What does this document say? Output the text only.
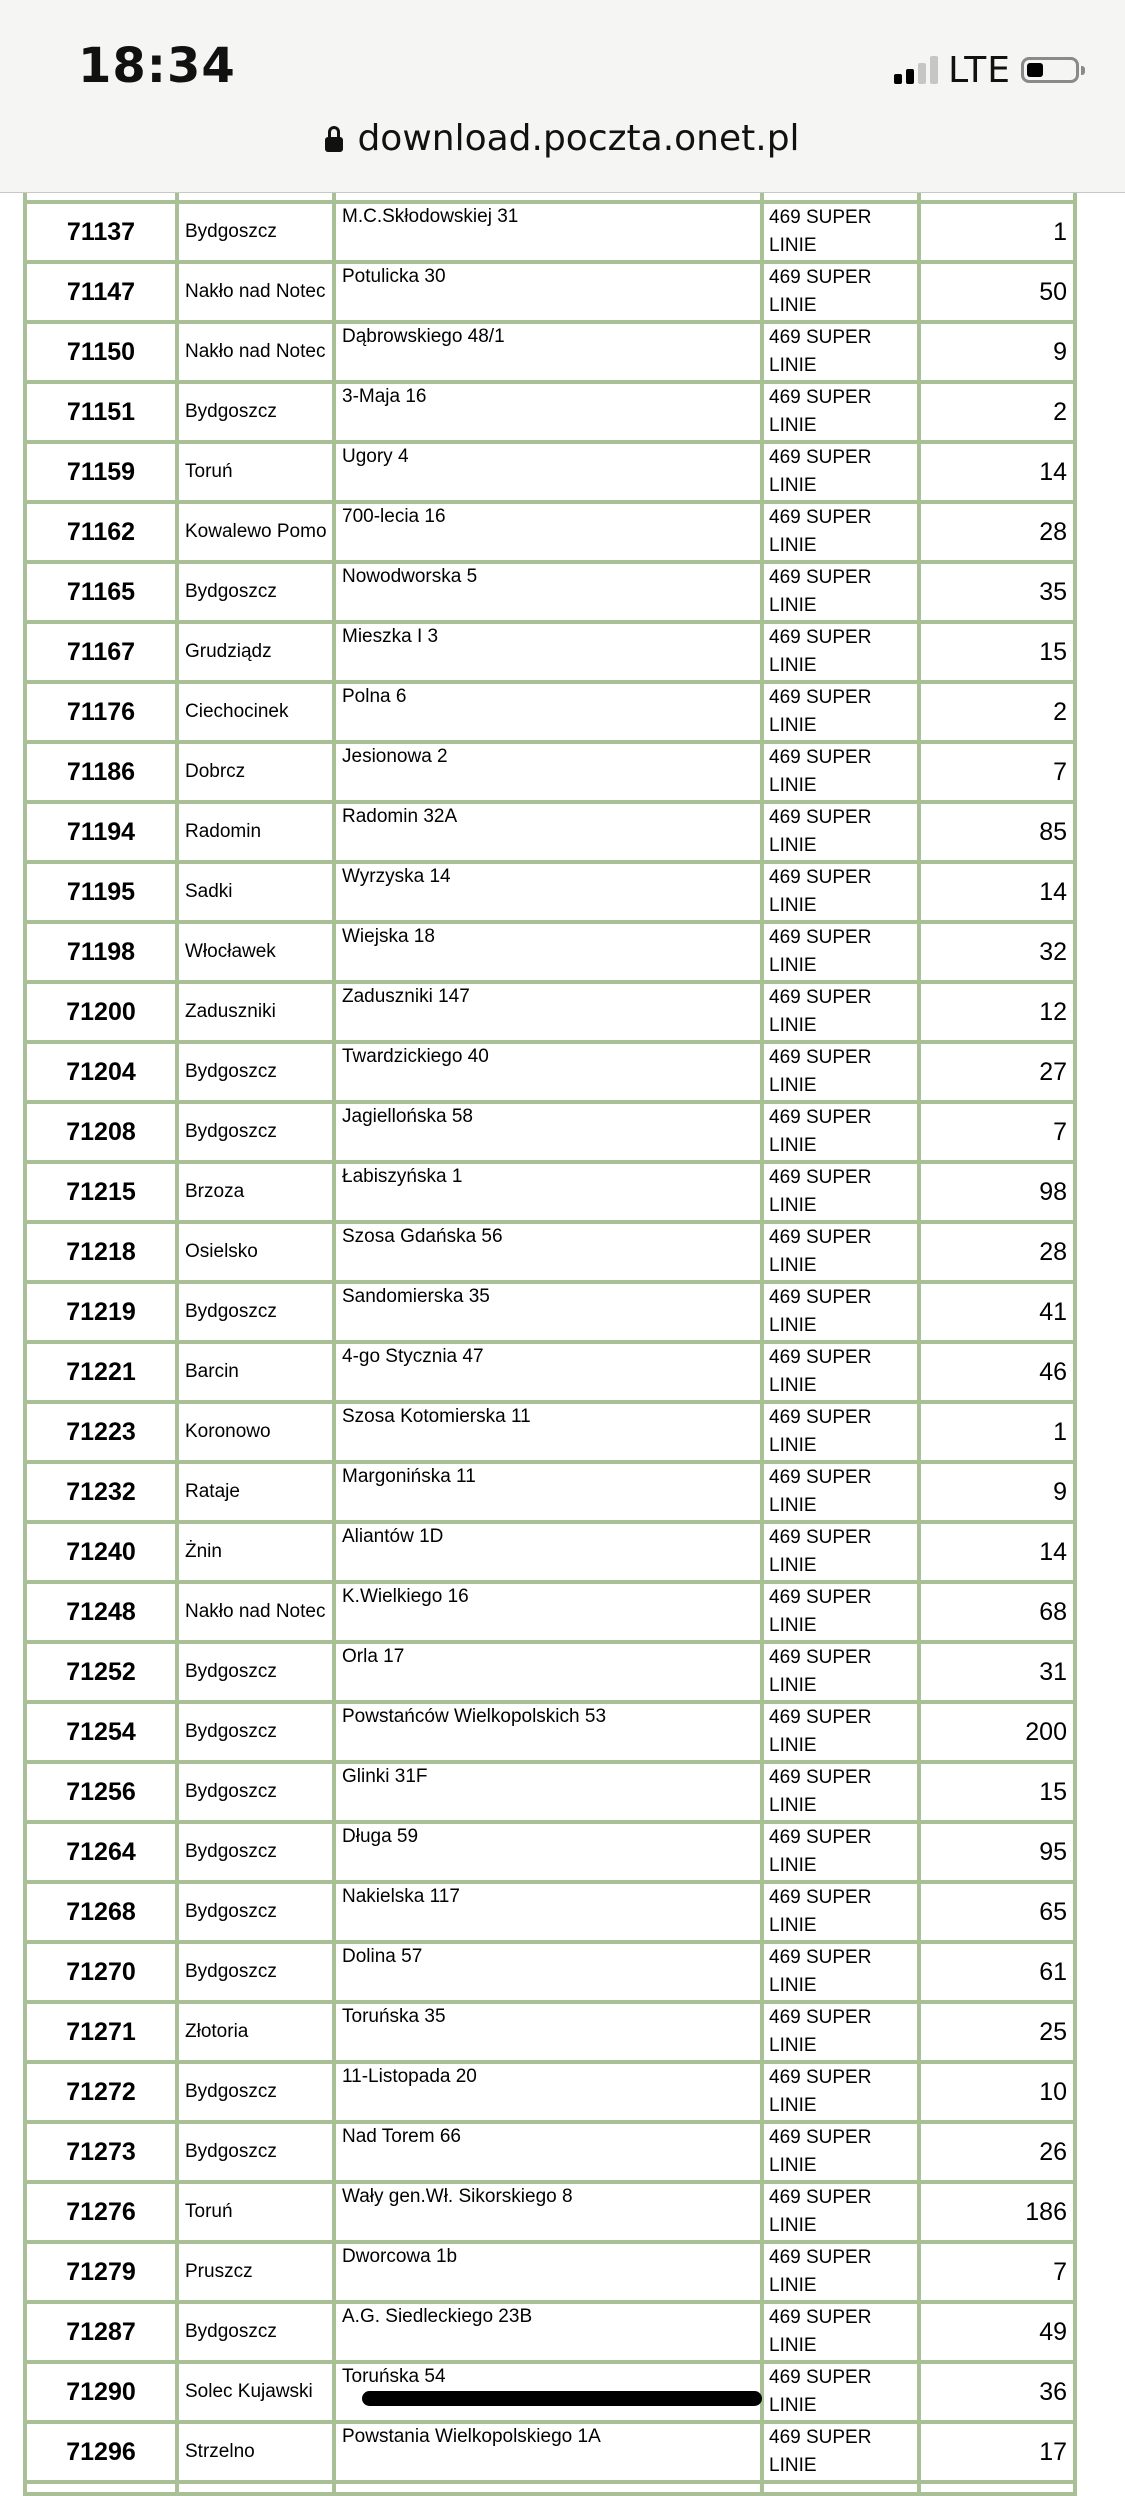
18:34	LTE
download.poczta.onet.pl

71137	Bydgoszcz	M.C.Skłodowskiej 31	469 SUPER LINIE	1
71147	Nakło nad Notec	Potulicka 30	469 SUPER LINIE	50
71150	Nakło nad Notec	Dąbrowskiego 48/1	469 SUPER LINIE	9
71151	Bydgoszcz	3-Maja 16	469 SUPER LINIE	2
71159	Toruń	Ugory 4	469 SUPER LINIE	14
71162	Kowalewo Pomo	700-lecia 16	469 SUPER LINIE	28
71165	Bydgoszcz	Nowodworska 5	469 SUPER LINIE	35
71167	Grudziądz	Mieszka I 3	469 SUPER LINIE	15
71176	Ciechocinek	Polna 6	469 SUPER LINIE	2
71186	Dobrcz	Jesionowa 2	469 SUPER LINIE	7
71194	Radomin	Radomin 32A	469 SUPER LINIE	85
71195	Sadki	Wyrzyska 14	469 SUPER LINIE	14
71198	Włocławek	Wiejska 18	469 SUPER LINIE	32
71200	Zaduszniki	Zaduszniki 147	469 SUPER LINIE	12
71204	Bydgoszcz	Twardzickiego 40	469 SUPER LINIE	27
71208	Bydgoszcz	Jagiellońska 58	469 SUPER LINIE	7
71215	Brzoza	Łabiszyńska 1	469 SUPER LINIE	98
71218	Osielsko	Szosa Gdańska 56	469 SUPER LINIE	28
71219	Bydgoszcz	Sandomierska 35	469 SUPER LINIE	41
71221	Barcin	4-go Stycznia 47	469 SUPER LINIE	46
71223	Koronowo	Szosa Kotomierska 11	469 SUPER LINIE	1
71232	Rataje	Margonińska 11	469 SUPER LINIE	9
71240	Żnin	Aliantów 1D	469 SUPER LINIE	14
71248	Nakło nad Notec	K.Wielkiego 16	469 SUPER LINIE	68
71252	Bydgoszcz	Orla 17	469 SUPER LINIE	31
71254	Bydgoszcz	Powstańców Wielkopolskich 53	469 SUPER LINIE	200
71256	Bydgoszcz	Glinki 31F	469 SUPER LINIE	15
71264	Bydgoszcz	Długa 59	469 SUPER LINIE	95
71268	Bydgoszcz	Nakielska 117	469 SUPER LINIE	65
71270	Bydgoszcz	Dolina 57	469 SUPER LINIE	61
71271	Złotoria	Toruńska 35	469 SUPER LINIE	25
71272	Bydgoszcz	11-Listopada 20	469 SUPER LINIE	10
71273	Bydgoszcz	Nad Torem 66	469 SUPER LINIE	26
71276	Toruń	Wały gen.Wł. Sikorskiego 8	469 SUPER LINIE	186
71279	Pruszcz	Dworcowa 1b	469 SUPER LINIE	7
71287	Bydgoszcz	A.G. Siedleckiego 23B	469 SUPER LINIE	49
71290	Solec Kujawski	Toruńska 54	469 SUPER LINIE	36
71296	Strzelno	Powstania Wielkopolskiego 1A	469 SUPER LINIE	17
